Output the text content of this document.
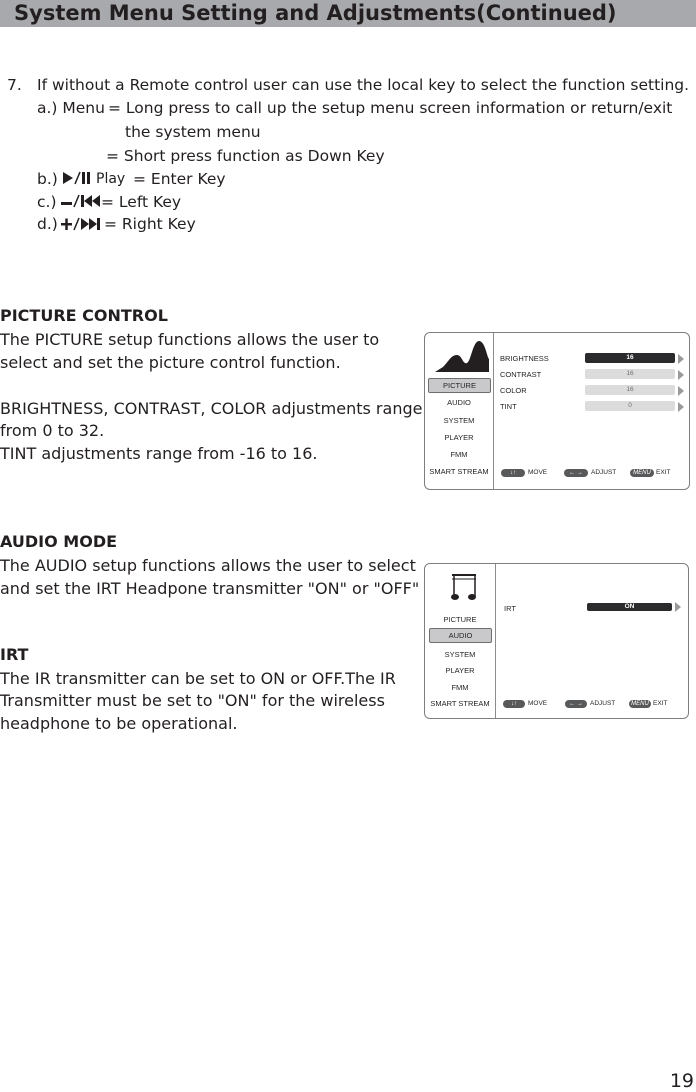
System Menu Setting and Adjustments(Continued)
7. If without a Remote control user can use the local key to select the function setting.
a.) Menu = Long press to call up the setup menu screen information or return/exit
the system menu
= Short press function as Down Key
b.)	Play = Enter Key
c.)	= Left Key
d.)	= Right Key
PICTURE CONTROL
The PICTURE setup functions allows the user to
select and set the picture control function.
BRIGHTNESS, CONTRAST, COLOR adjustments range
from 0 to 32.
TINT adjustments range from -16 to 16.
PICTURE
AUDIO
SYSTEM
PLAYER
FMM
SMART STREAM
BRIGHTNESS	16
CONTRAST	16
COLOR	16
TINT	0
↓↑	MOVE	← →	ADJUST	MENU EXIT
AUDIO MODE
The AUDIO setup functions allows the user to select
and set the IRT Headpone transmitter "ON" or "OFF"
IRT
The IR transmitter can be set to ON or OFF.The IR
Transmitter must be set to "ON" for the wireless
headphone to be operational.
PICTURE
AUDIO
SYSTEM
PLAYER
FMM
SMART STREAM
IRT	ON
↓↑	MOVE	← →	ADJUST	MENU EXIT
19
